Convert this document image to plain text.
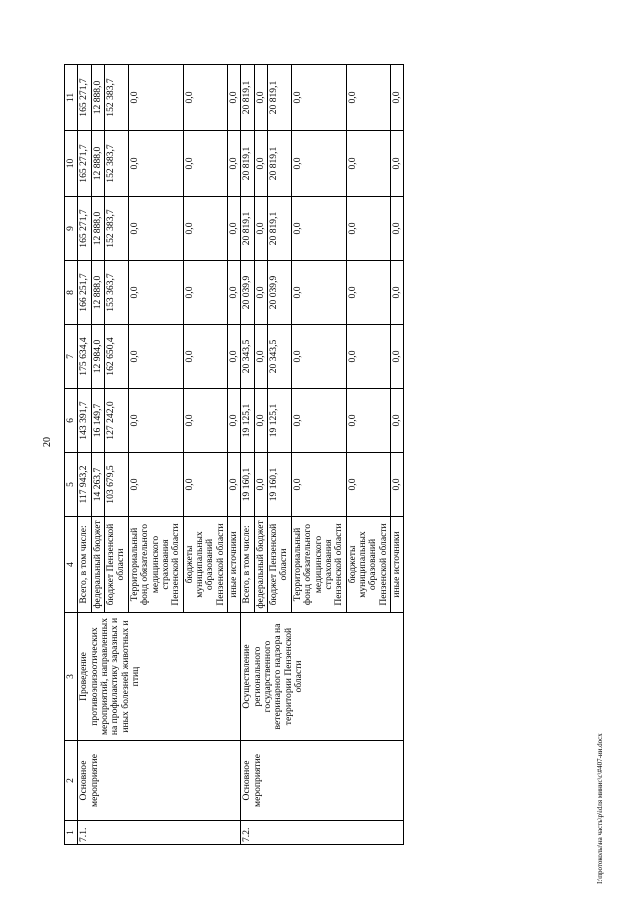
20
1	2	3	4	5	6	7	8	9	10	11
7.1.	Основное мероприятие	Проведение противоэпизоотических мероприятий, направленных на профилактику заразных и иных болезней животных и птиц	Всего, в том числе:	117 943,2	143 391,7	175 634,4	166 251,7	165 271,7	165 271,7	165 271,7
			федеральный бюджет	14 263,7	16 149,7	12 984,0	12 888,0	12 888,0	12 888,0	12 888,0
			бюджет Пензенской области	103 679,5	127 242,0	162 650,4	153 363,7	152 383,7	152 383,7	152 383,7
			Территориальный фонд обязательного медицинского страхования Пензенской области	0,0	0,0	0,0	0,0	0,0	0,0	0,0
			бюджеты муниципальных образований Пензенской области	0,0	0,0	0,0	0,0	0,0	0,0	0,0
			иные источники	0,0	0,0	0,0	0,0	0,0	0,0	0,0
7.2.	Основное мероприятие	Осуществление регионального государственного ветеринарного надзора на территории Пензенской области	Всего, в том числе:	19 160,1	19 125,1	20 343,5	20 039,9	20 819,1	20 819,1	20 819,1
			федеральный бюджет	0,0	0,0	0,0	0,0	0,0	0,0	0,0
			бюджет Пензенской области	19 160,1	19 125,1	20 343,5	20 039,9	20 819,1	20 819,1	20 819,1
			Территориальный фонд обязательного медицинского страхования Пензенской области	0,0	0,0	0,0	0,0	0,0	0,0	0,0
			бюджеты муниципальных образований Пензенской области	0,0	0,0	0,0	0,0	0,0	0,0	0,0
			иные источники	0,0	0,0	0,0	0,0	0,0	0,0	0,0
I:\протоколы\на часть\p\idля минис\с\#407-ии.docx
